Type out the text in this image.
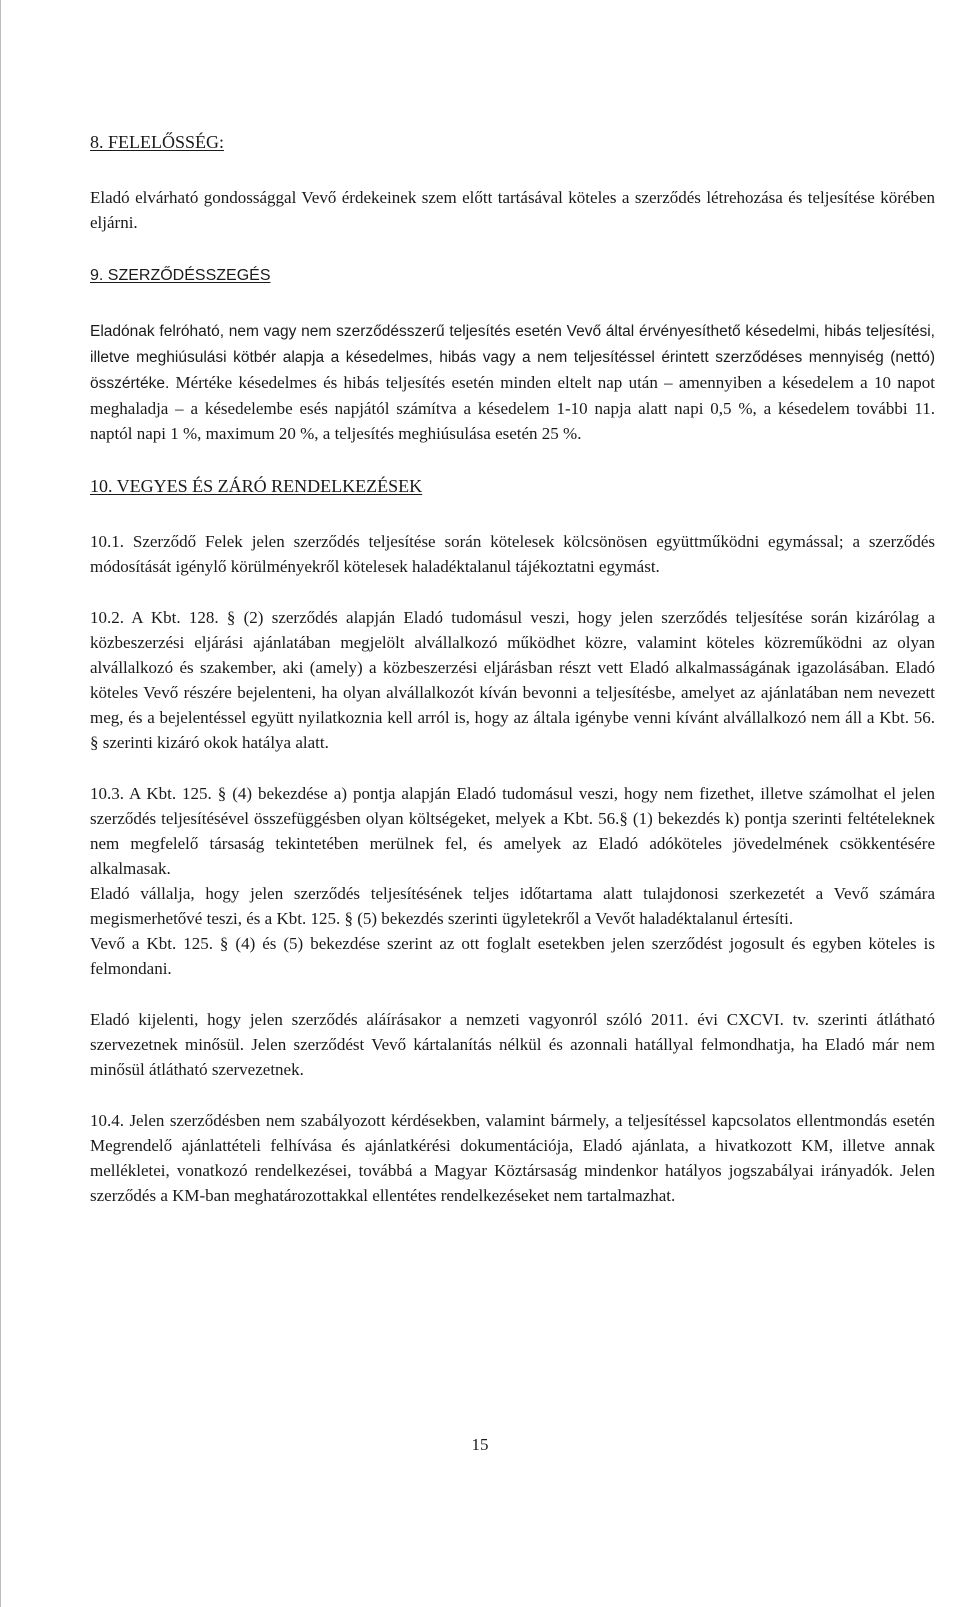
8. FELELŐSSÉG:

Eladó elvárható gondossággal Vevő érdekeinek szem előtt tartásával köteles a szerződés létrehozása és teljesítése körében eljárni.

9. SZERZŐDÉSSZEGÉS

Eladónak felróható, nem vagy nem szerződésszerű teljesítés esetén Vevő által érvényesíthető késedelmi, hibás teljesítési, illetve meghiúsulási kötbér alapja a késedelmes, hibás vagy a nem teljesítéssel érintett szerződéses mennyiség (nettó) összértéke. Mértéke késedelmes és hibás teljesítés esetén minden eltelt nap után – amennyiben a késedelem a 10 napot meghaladja – a késedelembe esés napjától számítva a késedelem 1-10 napja alatt napi 0,5 %, a késedelem további 11. naptól napi 1 %, maximum 20 %, a teljesítés meghiúsulása esetén 25 %.

10. VEGYES ÉS ZÁRÓ RENDELKEZÉSEK

10.1. Szerződő Felek jelen szerződés teljesítése során kötelesek kölcsönösen együttműködni egymással; a szerződés módosítását igénylő körülményekről kötelesek haladéktalanul tájékoztatni egymást.

10.2. A Kbt. 128. § (2) szerződés alapján Eladó tudomásul veszi, hogy jelen szerződés teljesítése során kizárólag a közbeszerzési eljárási ajánlatában megjelölt alvállalkozó működhet közre, valamint köteles közreműködni az olyan alvállalkozó és szakember, aki (amely) a közbeszerzési eljárásban részt vett Eladó alkalmasságának igazolásában. Eladó köteles Vevő részére bejelenteni, ha olyan alvállalkozót kíván bevonni a teljesítésbe, amelyet az ajánlatában nem nevezett meg, és a bejelentéssel együtt nyilatkoznia kell arról is, hogy az általa igénybe venni kívánt alvállalkozó nem áll a Kbt. 56. § szerinti kizáró okok hatálya alatt.

10.3. A Kbt. 125. § (4) bekezdése a) pontja alapján Eladó tudomásul veszi, hogy nem fizethet, illetve számolhat el jelen szerződés teljesítésével összefüggésben olyan költségeket, melyek a Kbt. 56.§ (1) bekezdés k) pontja szerinti feltételeknek nem megfelelő társaság tekintetében merülnek fel, és amelyek az Eladó adóköteles jövedelmének csökkentésére alkalmasak.

Eladó vállalja, hogy jelen szerződés teljesítésének teljes időtartama alatt tulajdonosi szerkezetét a Vevő számára megismerhetővé teszi, és a Kbt. 125. § (5) bekezdés szerinti ügyletekről a Vevőt haladéktalanul értesíti.

Vevő a Kbt. 125. § (4) és (5) bekezdése szerint az ott foglalt esetekben jelen szerződést jogosult és egyben köteles is felmondani.

Eladó kijelenti, hogy jelen szerződés aláírásakor a nemzeti vagyonról szóló 2011. évi CXCVI. tv. szerinti átlátható szervezetnek minősül. Jelen szerződést Vevő kártalanítás nélkül és azonnali hatállyal felmondhatja, ha Eladó már nem minősül átlátható szervezetnek.

10.4. Jelen szerződésben nem szabályozott kérdésekben, valamint bármely, a teljesítéssel kapcsolatos ellentmondás esetén Megrendelő ajánlattételi felhívása és ajánlatkérési dokumentációja, Eladó ajánlata, a hivatkozott KM, illetve annak mellékletei, vonatkozó rendelkezései, továbbá a Magyar Köztársaság mindenkor hatályos jogszabályai irányadók. Jelen szerződés a KM-ban meghatározottakkal ellentétes rendelkezéseket nem tartalmazhat.

15
